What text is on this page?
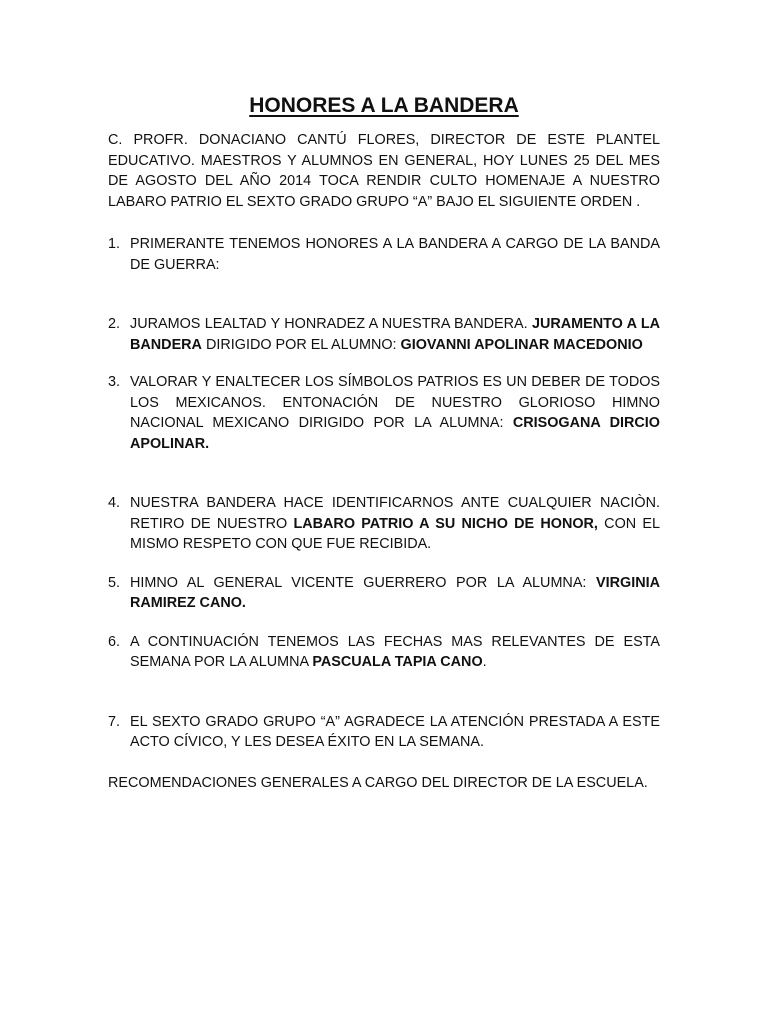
HONORES A LA BANDERA

C. PROFR. DONACIANO CANTÚ FLORES, DIRECTOR DE ESTE PLANTEL EDUCATIVO. MAESTROS Y ALUMNOS EN GENERAL, HOY LUNES 25 DEL MES DE AGOSTO DEL AÑO 2014 TOCA RENDIR CULTO HOMENAJE A NUESTRO LABARO PATRIO EL SEXTO GRADO GRUPO “A” BAJO EL SIGUIENTE ORDEN .

1. PRIMERANTE TENEMOS HONORES A LA BANDERA A CARGO DE LA BANDA DE GUERRA:
2. JURAMOS LEALTAD Y HONRADEZ A NUESTRA BANDERA. JURAMENTO A LA BANDERA DIRIGIDO POR EL ALUMNO: GIOVANNI APOLINAR MACEDONIO
3. VALORAR Y ENALTECER LOS SÍMBOLOS PATRIOS ES UN DEBER DE TODOS LOS MEXICANOS. ENTONACIÓN DE NUESTRO GLORIOSO HIMNO NACIONAL MEXICANO DIRIGIDO POR LA ALUMNA: CRISOGANA DIRCIO APOLINAR.
4. NUESTRA BANDERA HACE IDENTIFICARNOS ANTE CUALQUIER NACIÒN. RETIRO DE NUESTRO LABARO PATRIO A SU NICHO DE HONOR, CON EL MISMO RESPETO CON QUE FUE RECIBIDA.
5. HIMNO AL GENERAL VICENTE GUERRERO POR LA ALUMNA: VIRGINIA RAMIREZ CANO.
6. A CONTINUACIÓN TENEMOS LAS FECHAS MAS RELEVANTES DE ESTA SEMANA POR LA ALUMNA PASCUALA TAPIA CANO.
7. EL SEXTO GRADO GRUPO “A” AGRADECE LA ATENCIÓN PRESTADA A ESTE ACTO CÍVICO, Y LES DESEA ÉXITO EN LA SEMANA.

RECOMENDACIONES GENERALES A CARGO DEL DIRECTOR DE LA ESCUELA.
